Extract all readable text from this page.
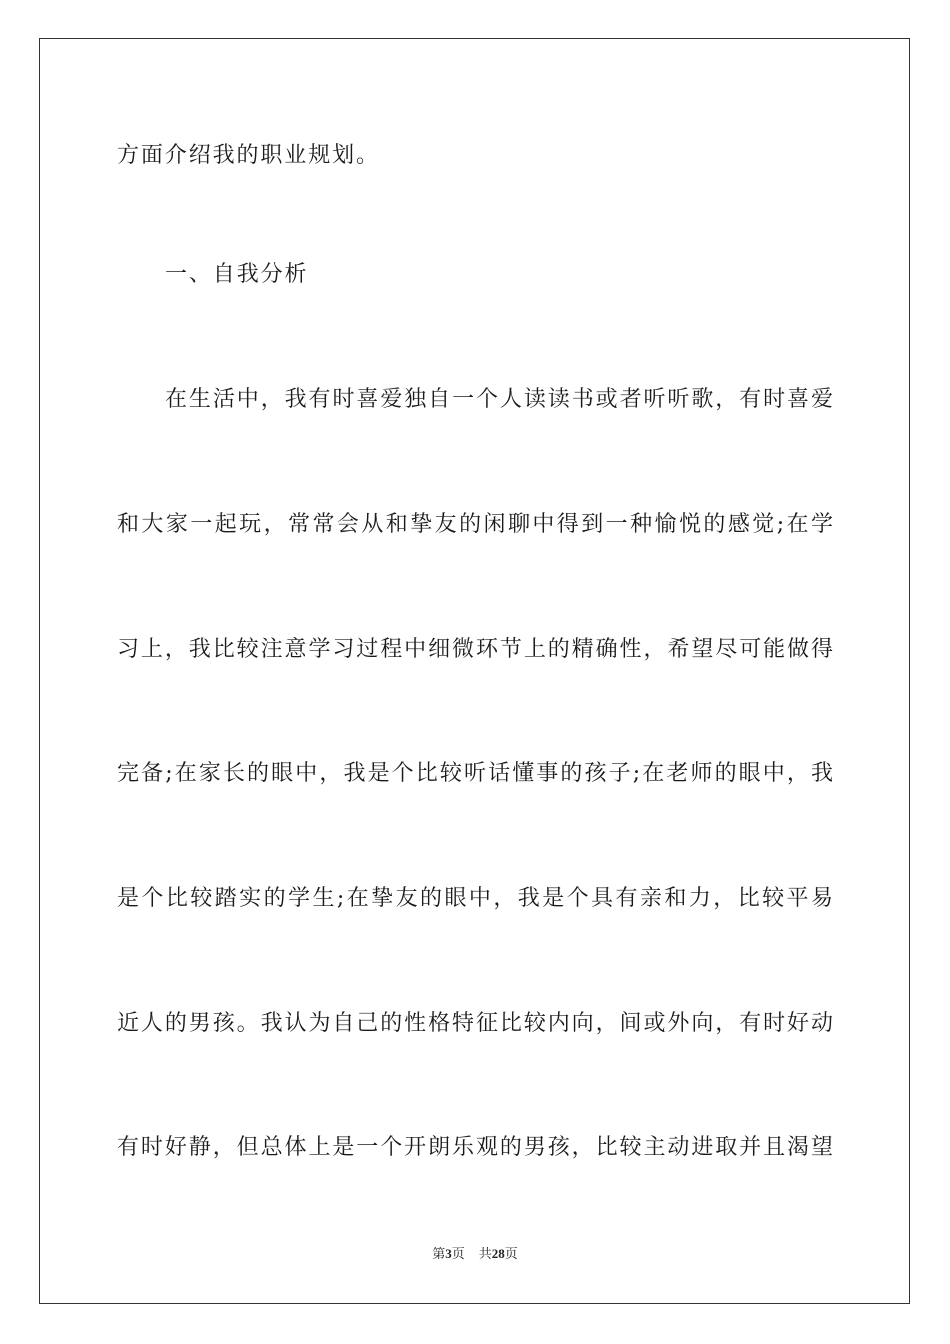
方面介绍我的职业规划。
一、自我分析
在生活中，我有时喜爱独自一个人读读书或者听听歌，有时喜爱
和大家一起玩，常常会从和挚友的闲聊中得到一种愉悦的感觉;在学
习上，我比较注意学习过程中细微环节上的精确性，希望尽可能做得
完备;在家长的眼中，我是个比较听话懂事的孩子;在老师的眼中，我
是个比较踏实的学生;在挚友的眼中，我是个具有亲和力，比较平易
近人的男孩。我认为自己的性格特征比较内向，间或外向，有时好动
有时好静，但总体上是一个开朗乐观的男孩，比较主动进取并且渴望
第3页 共28页
